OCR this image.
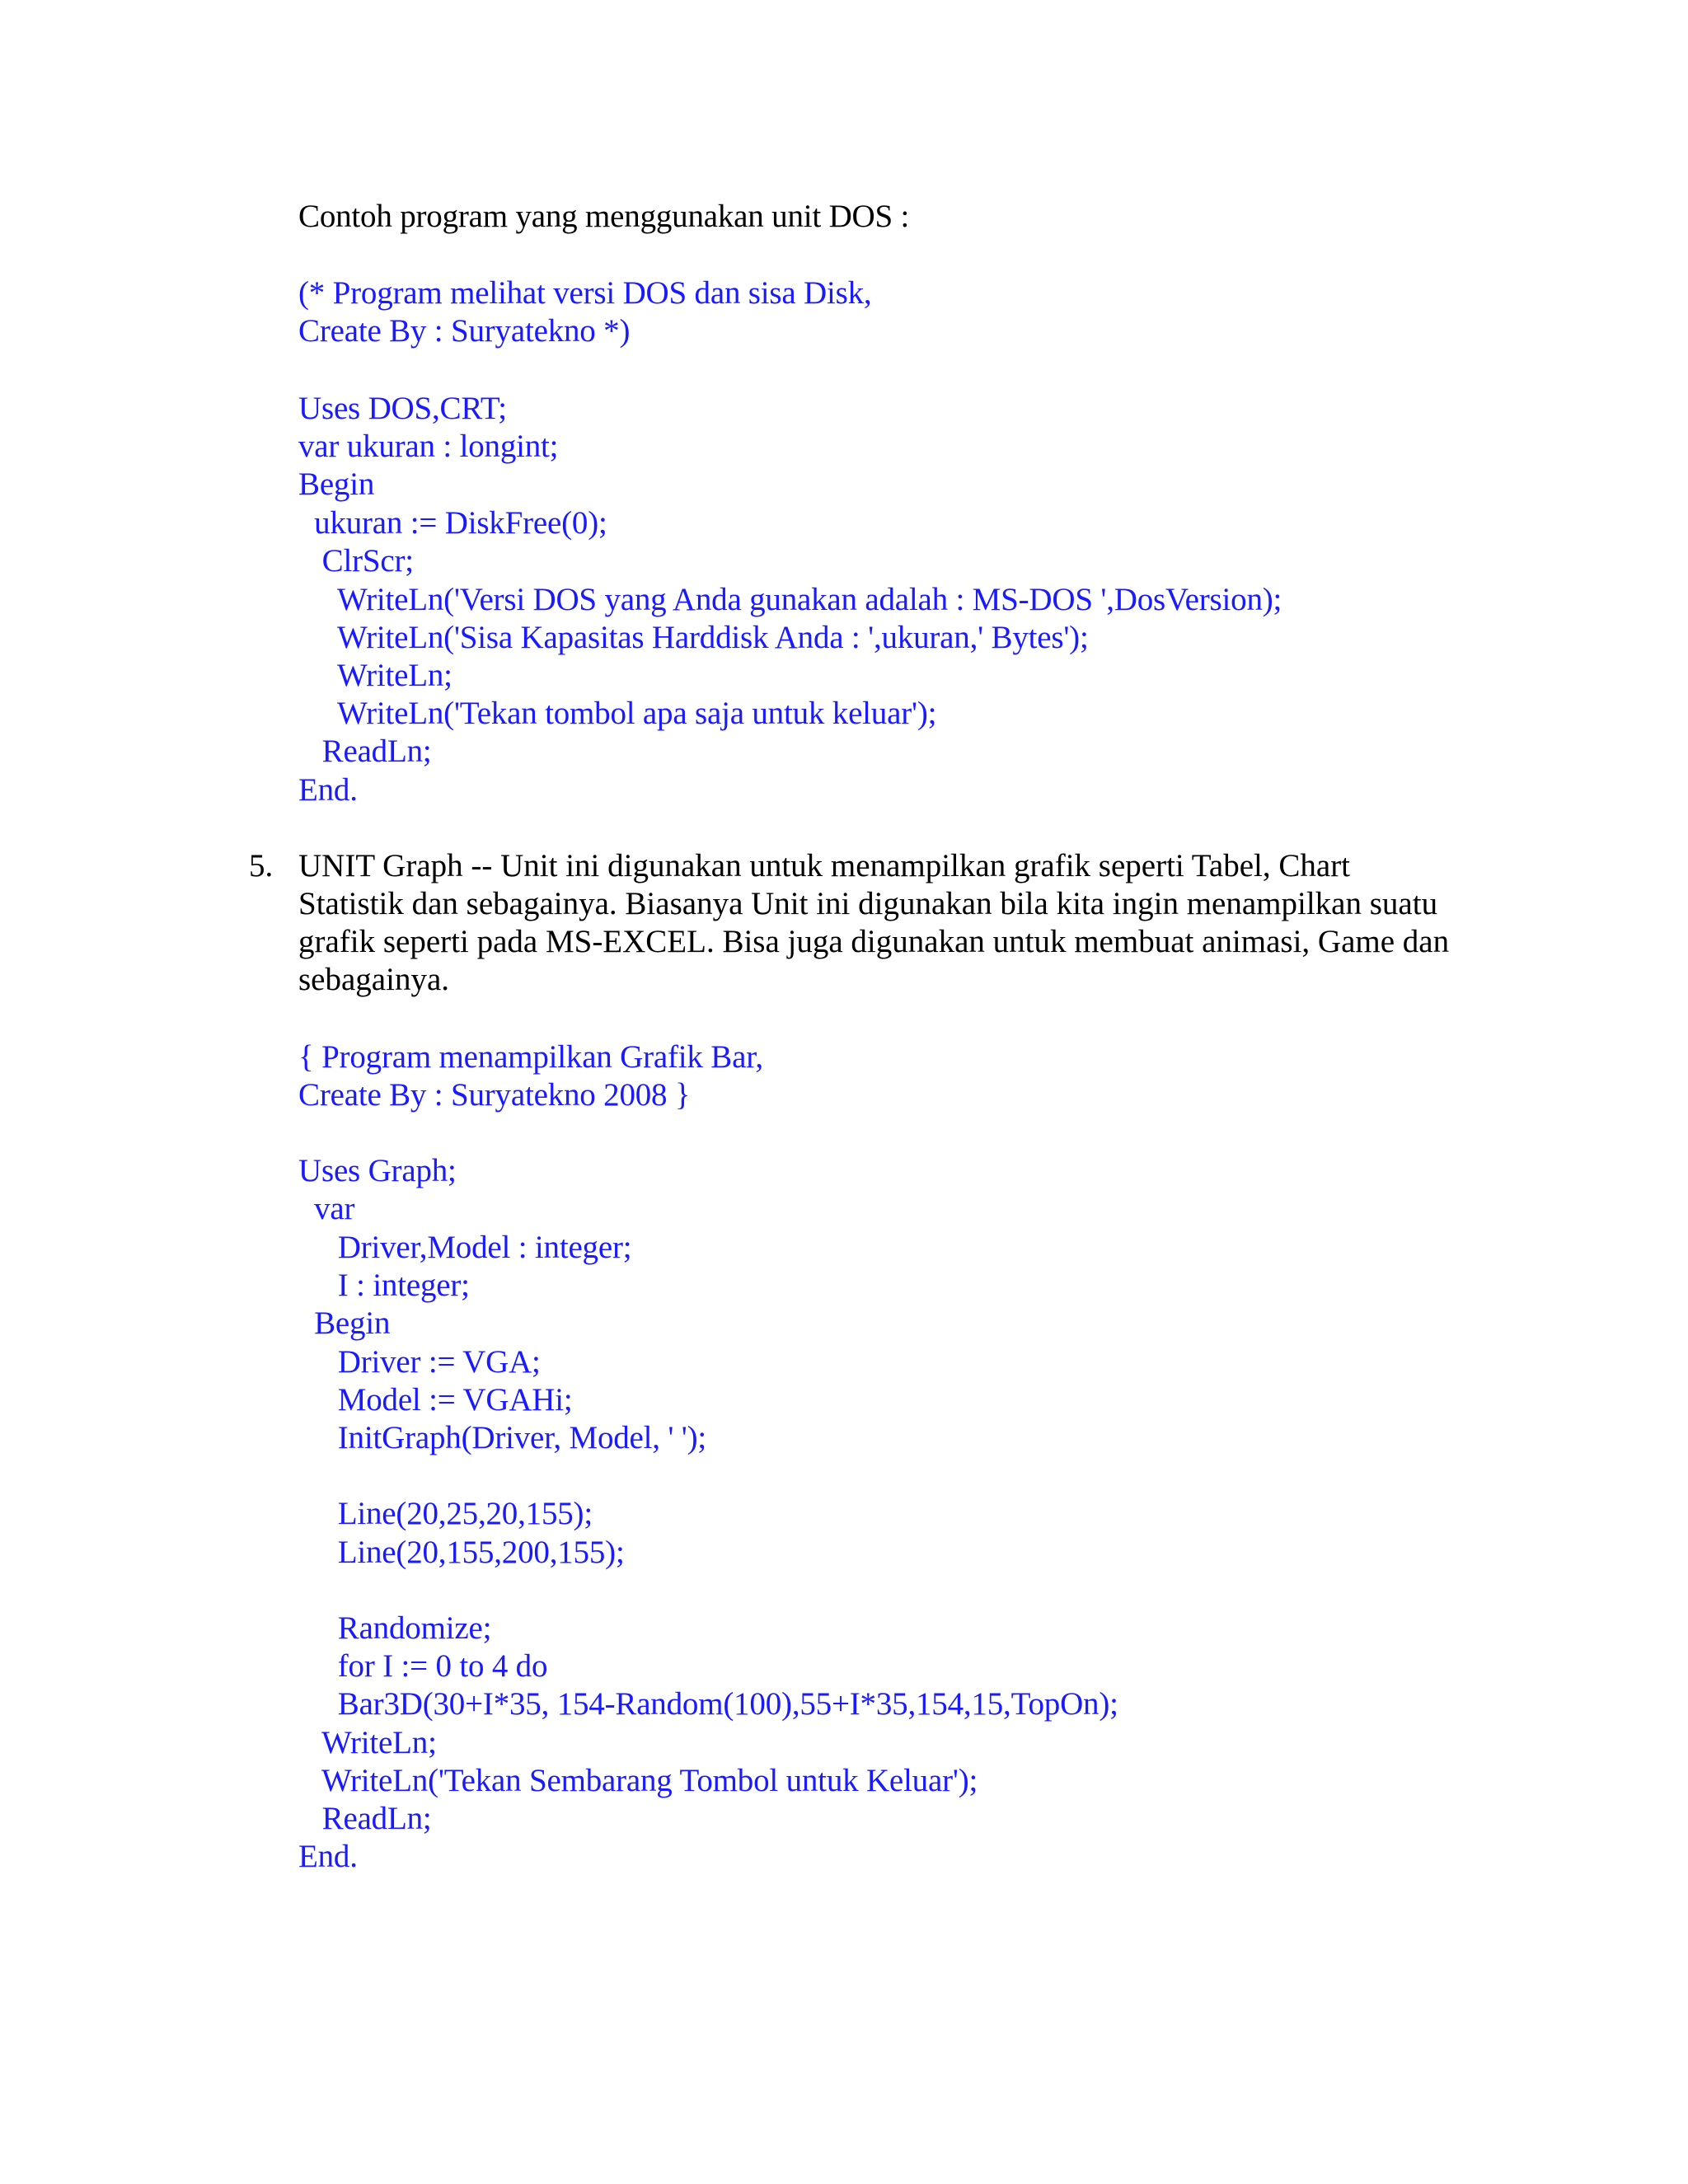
Contoh program yang menggunakan unit DOS :
(* Program melihat versi DOS dan sisa Disk,
Create By : Suryatekno *)
Uses DOS,CRT;
var ukuran : longint;
Begin
ukuran := DiskFree(0);
ClrScr;
WriteLn('Versi DOS yang Anda gunakan adalah : MS-DOS ',DosVersion);
WriteLn('Sisa Kapasitas Harddisk Anda : ',ukuran,' Bytes');
WriteLn;
WriteLn('Tekan tombol apa saja untuk keluar');
ReadLn;
End.
5. UNIT Graph -- Unit ini digunakan untuk menampilkan grafik seperti Tabel, Chart
Statistik dan sebagainya. Biasanya Unit ini digunakan bila kita ingin menampilkan suatu
grafik seperti pada MS-EXCEL. Bisa juga digunakan untuk membuat animasi, Game dan
sebagainya.
{ Program menampilkan Grafik Bar,
Create By : Suryatekno 2008 }
Uses Graph;
var
Driver,Model : integer;
I : integer;
Begin
Driver := VGA;
Model := VGAHi;
InitGraph(Driver, Model, ' ');
Line(20,25,20,155);
Line(20,155,200,155);
Randomize;
for I := 0 to 4 do
Bar3D(30+I*35, 154-Random(100),55+I*35,154,15,TopOn);
WriteLn;
WriteLn('Tekan Sembarang Tombol untuk Keluar');
ReadLn;
End.
